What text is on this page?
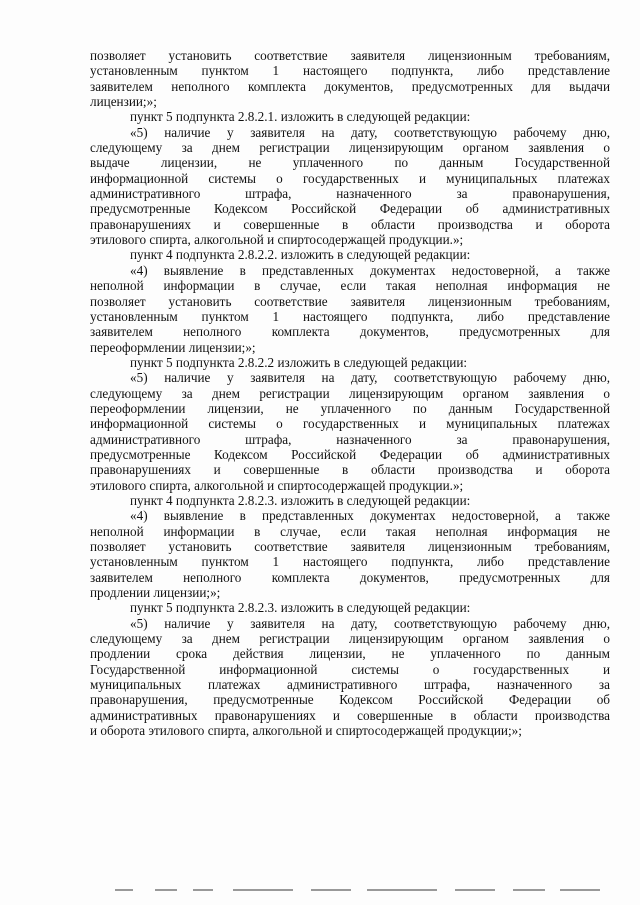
позволяет установить соответствие заявителя лицензионным требованиям,
установленным пунктом 1 настоящего подпункта, либо представление
заявителем неполного комплекта документов, предусмотренных для выдачи
лицензии;»;
пункт 5 подпункта 2.8.2.1. изложить в следующей редакции:
«5) наличие у заявителя на дату, соответствующую рабочему дню,
следующему за днем регистрации лицензирующим органом заявления о
выдаче лицензии, не уплаченного по данным Государственной
информационной системы о государственных и муниципальных платежах
административного штрафа, назначенного за правонарушения,
предусмотренные Кодексом Российской Федерации об административных
правонарушениях и совершенные в области производства и оборота
этилового спирта, алкогольной и спиртосодержащей продукции.»;
пункт 4 подпункта 2.8.2.2. изложить в следующей редакции:
«4) выявление в представленных документах недостоверной, а также
неполной информации в случае, если такая неполная информация не
позволяет установить соответствие заявителя лицензионным требованиям,
установленным пунктом 1 настоящего подпункта, либо представление
заявителем неполного комплекта документов, предусмотренных для
переоформлении лицензии;»;
пункт 5 подпункта 2.8.2.2 изложить в следующей редакции:
«5) наличие у заявителя на дату, соответствующую рабочему дню,
следующему за днем регистрации лицензирующим органом заявления о
переоформлении лицензии, не уплаченного по данным Государственной
информационной системы о государственных и муниципальных платежах
административного штрафа, назначенного за правонарушения,
предусмотренные Кодексом Российской Федерации об административных
правонарушениях и совершенные в области производства и оборота
этилового спирта, алкогольной и спиртосодержащей продукции.»;
пункт 4 подпункта 2.8.2.3. изложить в следующей редакции:
«4) выявление в представленных документах недостоверной, а также
неполной информации в случае, если такая неполная информация не
позволяет установить соответствие заявителя лицензионным требованиям,
установленным пунктом 1 настоящего подпункта, либо представление
заявителем неполного комплекта документов, предусмотренных для
продлении лицензии;»;
пункт 5 подпункта 2.8.2.3. изложить в следующей редакции:
«5) наличие у заявителя на дату, соответствующую рабочему дню,
следующему за днем регистрации лицензирующим органом заявления о
продлении срока действия лицензии, не уплаченного по данным
Государственной информационной системы о государственных и
муниципальных платежах административного штрафа, назначенного за
правонарушения, предусмотренные Кодексом Российской Федерации об
административных правонарушениях и совершенные в области производства
и оборота этилового спирта, алкогольной и спиртосодержащей продукции;»;
